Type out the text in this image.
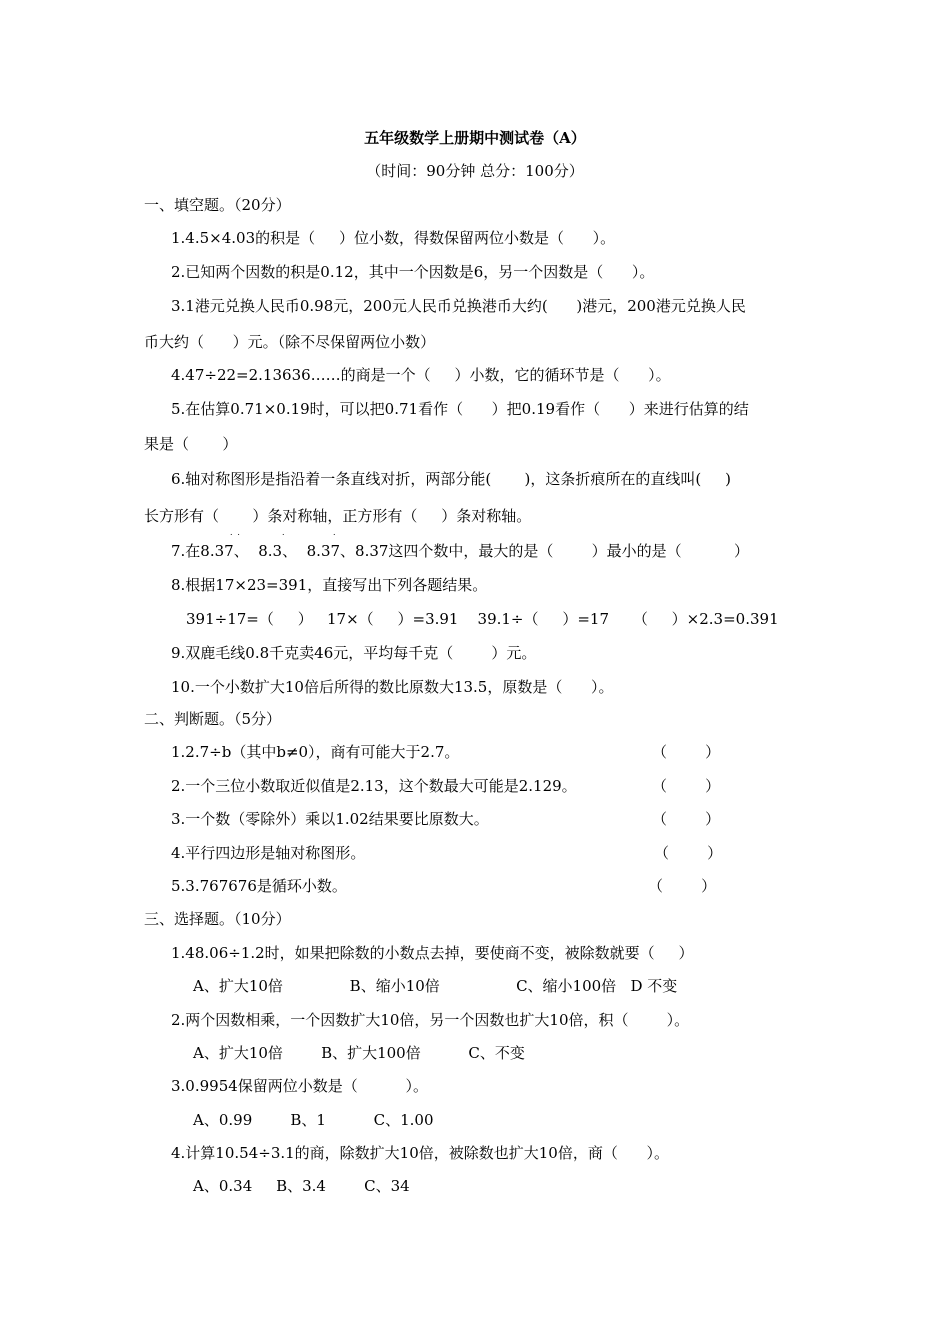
五年级数学上册期中测试卷（A）
（时间：90分钟 总分：100分）
一、填空题。（20分）
1.4.5×4.03的积是（     ）位小数，得数保留两位小数是（      ）。
2.已知两个因数的积是0.12，其中一个因数是6，另一个因数是（      ）。
3.1港元兑换人民币0.98元，200元人民币兑换港币大约(      )港元，200港元兑换人民
币大约（      ）元。（除不尽保留两位小数）
4.47÷22=2.13636……的商是一个（     ）小数，它的循环节是（      ）。
5.在估算0.71×0.19时，可以把0.71看作（      ）把0.19看作（      ）来进行估算的结
果是（       ）
6.轴对称图形是指沿着一条直线对折，两部分能(       )，这条折痕所在的直线叫(     )
长方形有（       ）条对称轴，正方形有（     ）条对称轴。
˙ ˙	˙	˙
7.在8.37、  8.3、  8.37、8.37这四个数中，最大的是（        ）最小的是（           ）
8.根据17×23=391，直接写出下列各题结果。
391÷17=（     ）   17×（     ）=3.91    39.1÷（     ）=17     （     ）×2.3=0.391
9.双鹿毛线0.8千克卖46元，平均每千克（        ）元。
10.一个小数扩大10倍后所得的数比原数大13.5，原数是（      ）。
二、判断题。（5分）
1.2.7÷b（其中b≠0），商有可能大于2.7。	（        ）
2.一个三位小数取近似值是2.13，这个数最大可能是2.129。	（        ）
3.一个数（零除外）乘以1.02结果要比原数大。	（        ）
4.平行四边形是轴对称图形。	（        ）
5.3.767676是循环小数。	（        ）
三、选择题。（10分）
1.48.06÷1.2时，如果把除数的小数点去掉，要使商不变，被除数就要（     ）
A、扩大10倍              B、缩小10倍                C、缩小100倍   D 不变
2.两个因数相乘，一个因数扩大10倍，另一个因数也扩大10倍，积（        ）。
A、扩大10倍        B、扩大100倍          C、不变
3.0.9954保留两位小数是（          ）。
A、0.99        B、1          C、1.00
4.计算10.54÷3.1的商，除数扩大10倍，被除数也扩大10倍，商（      ）。
A、0.34     B、3.4        C、34
